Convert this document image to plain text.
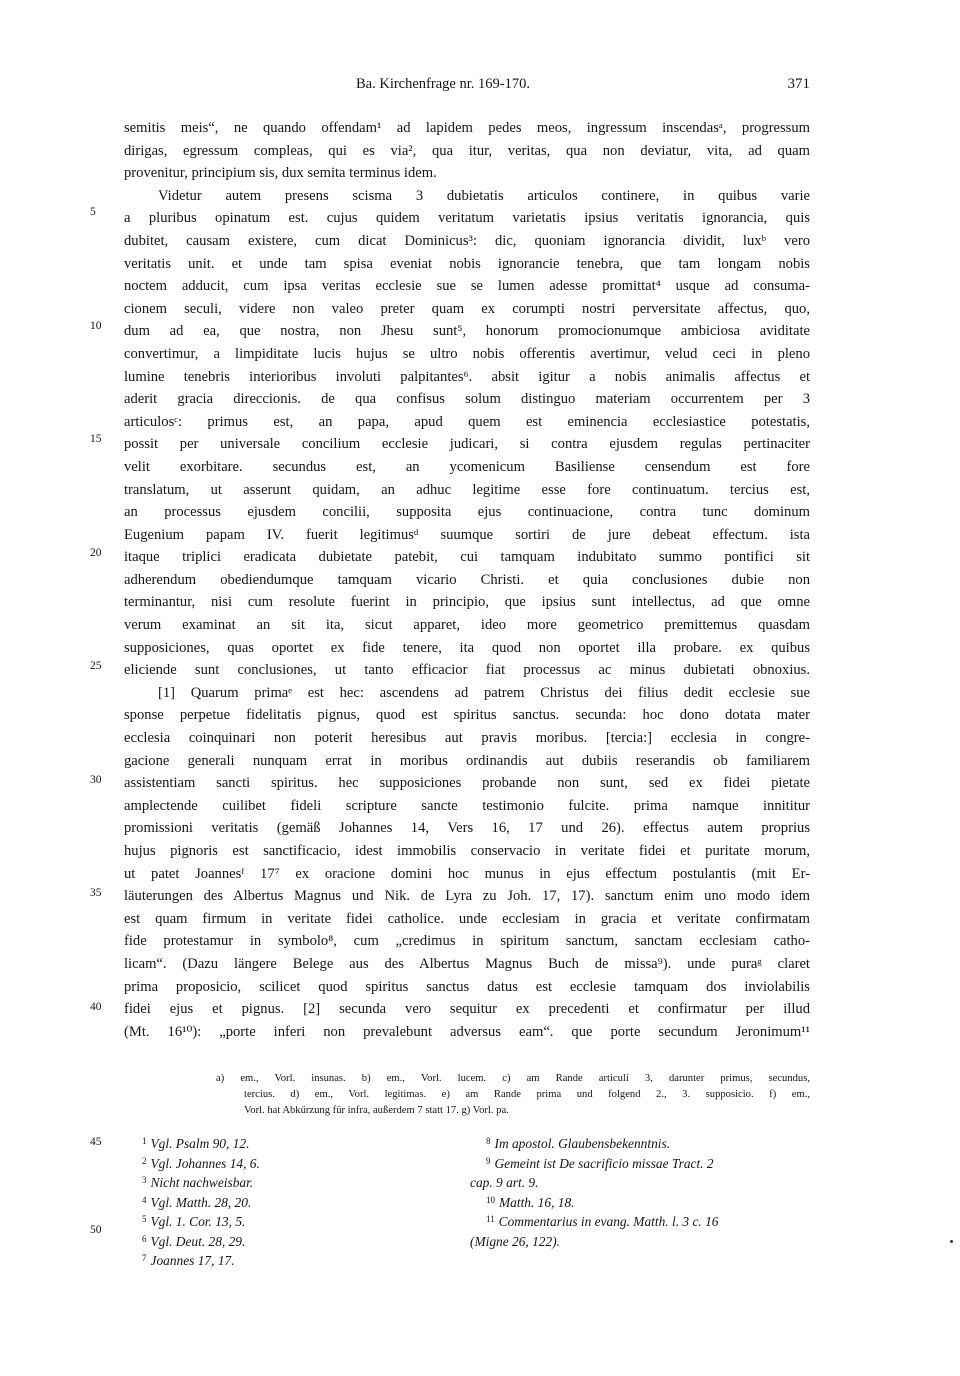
Ba. Kirchenfrage nr. 169-170.	371
5
10
15
20
25
30
35
40
45
50
semitis meis“, ne quando offendam¹ ad lapidem pedes meos, ingressum inscendasᵃ, progressum
dirigas, egressum compleas, qui es via², qua itur, veritas, qua non deviatur, vita, ad quam
provenitur, principium sis, dux semita terminus idem.
Videtur autem presens scisma 3 dubietatis articulos continere, in quibus varie
a pluribus opinatum est. cujus quidem veritatum varietatis ipsius veritatis ignorancia, quis
dubitet, causam existere, cum dicat Dominicus³: dic, quoniam ignorancia dividit, luxᵇ vero
veritatis unit. et unde tam spisa eveniat nobis ignorancie tenebra, que tam longam nobis
noctem adducit, cum ipsa veritas ecclesie sue se lumen adesse promittat⁴ usque ad consuma-
cionem seculi, videre non valeo preter quam ex corumpti nostri perversitate affectus, quo,
dum ad ea, que nostra, non Jhesu sunt⁵, honorum promocionumque ambiciosa aviditate
convertimur, a limpiditate lucis hujus se ultro nobis offerentis avertimur, velud ceci in pleno
lumine tenebris interioribus involuti palpitantes⁶. absit igitur a nobis animalis affectus et
aderit gracia direccionis. de qua confisus solum distinguo materiam occurrentem per 3
articulosᶜ: primus est, an papa, apud quem est eminencia ecclesiastice potestatis,
possit per universale concilium ecclesie judicari, si contra ejusdem regulas pertinaciter
velit exorbitare. secundus est, an ycomenicum Basiliense censendum est fore
translatum, ut asserunt quidam, an adhuc legitime esse fore continuatum. tercius est,
an processus ejusdem concilii, supposita ejus continuacione, contra tunc dominum
Eugenium papam IV. fuerit legitimusᵈ suumque sortiri de jure debeat effectum. ista
itaque triplici eradicata dubietate patebit, cui tamquam indubitato summo pontifici sit
adherendum obediendumque tamquam vicario Christi. et quia conclusiones dubie non
terminantur, nisi cum resolute fuerint in principio, que ipsius sunt intellectus, ad que omne
verum examinat an sit ita, sicut apparet, ideo more geometrico premittemus quasdam
supposiciones, quas oportet ex fide tenere, ita quod non oportet illa probare. ex quibus
eliciende sunt conclusiones, ut tanto efficacior fiat processus ac minus dubietati obnoxius.
[1] Quarum primaᵉ est hec: ascendens ad patrem Christus dei filius dedit ecclesie sue
sponse perpetue fidelitatis pignus, quod est spiritus sanctus. secunda: hoc dono dotata mater
ecclesia coinquinari non poterit heresibus aut pravis moribus. [tercia:] ecclesia in congre-
gacione generali nunquam errat in moribus ordinandis aut dubiis reserandis ob familiarem
assistentiam sancti spiritus. hec supposiciones probande non sunt, sed ex fidei pietate
amplectende cuilibet fideli scripture sancte testimonio fulcite. prima namque innititur
promissioni veritatis (gemäß Johannes 14, Vers 16, 17 und 26). effectus autem proprius
hujus pignoris est sanctificacio, idest immobilis conservacio in veritate fidei et puritate morum,
ut patet Joannesᶠ 17⁷ ex oracione domini hoc munus in ejus effectum postulantis (mit Er-
läuterungen des Albertus Magnus und Nik. de Lyra zu Joh. 17, 17). sanctum enim uno modo idem
est quam firmum in veritate fidei catholice. unde ecclesiam in gracia et veritate confirmatam
fide protestamur in symbolo⁸, cum „credimus in spiritum sanctum, sanctam ecclesiam catho-
licam“. (Dazu längere Belege aus des Albertus Magnus Buch de missa⁹). unde puraᵍ claret
prima proposicio, scilicet quod spiritus sanctus datus est ecclesie tamquam dos inviolabilis
fidei ejus et pignus. [2] secunda vero sequitur ex precedenti et confirmatur per illud
(Mt. 16¹⁰): „porte inferi non prevalebunt adversus eam“. que porte secundum Jeronimum¹¹
a) em., Vorl. insunas. b) em., Vorl. lucem. c) am Rande articuli 3, darunter primus, secundus,
tercius. d) em., Vorl. legitimas. e) am Rande prima und folgend 2., 3. supposicio. f) em.,
Vorl. hat Abkürzung für infra, außerdem 7 statt 17. g) Vorl. pa.
$^1$ Vgl. Psalm 90, 12.
$^2$ Vgl. Johannes 14, 6.
$^3$ Nicht nachweisbar.
$^4$ Vgl. Matth. 28, 20.
$^5$ Vgl. 1. Cor. 13, 5.
$^6$ Vgl. Deut. 28, 29.
$^7$ Joannes 17, 17.
$^8$ Im apostol. Glaubensbekenntnis.
$^9$ Gemeint ist De sacrificio missae Tract. 2
cap. 9 art. 9.
$^{10}$ Matth. 16, 18.
$^{11}$ Commentarius in evang. Matth. l. 3 c. 16
(Migne 26, 122).
